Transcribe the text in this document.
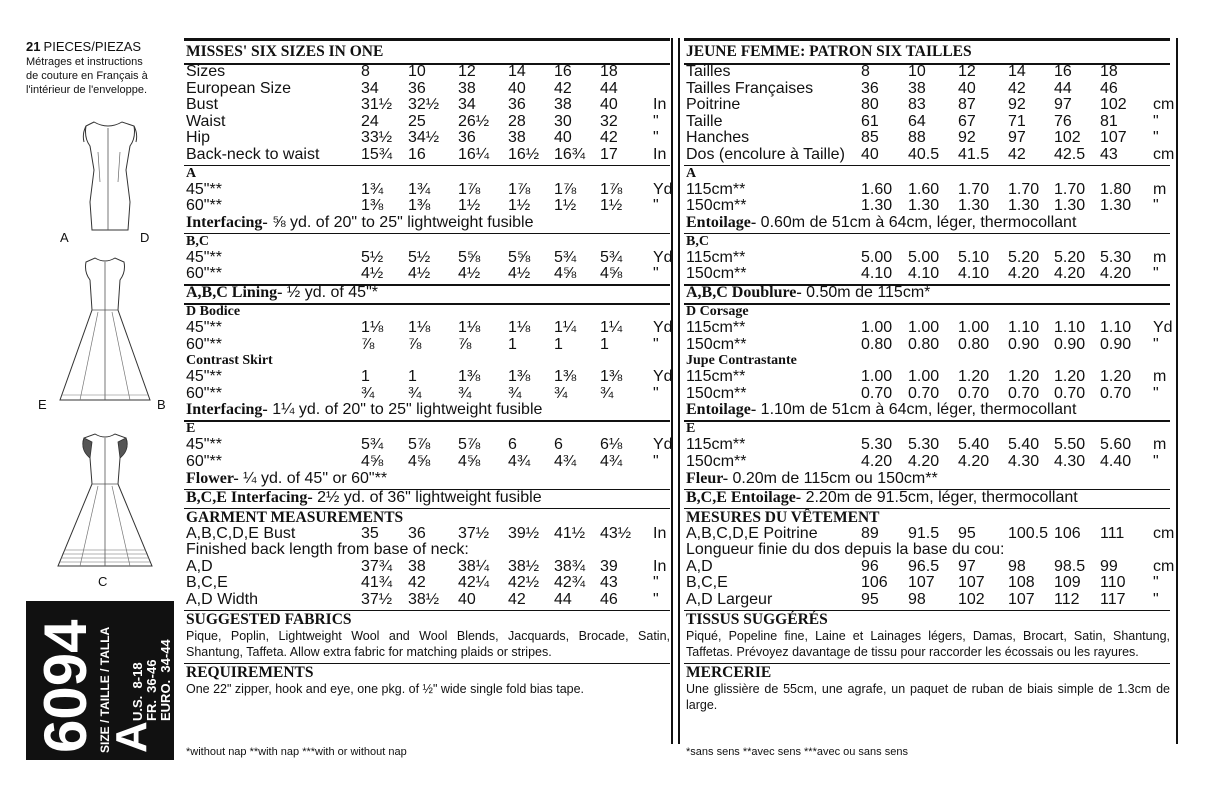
21 PIECES/PIEZAS
Métrages et instructions
de couture en Français à
l'intérieur de l'enveloppe.
A	D
E	B
C
6094 SIZE / TAILLE / TALLA
A
U.S.  8-18
FR.  36-46
EURO.  34-44
MISSES' SIX SIZES IN ONE
Sizes	8 10 12 14 16 18
European Size	34 36 38 40 42 44
Bust	31½ 32½ 34 36 38 40 In
Waist	24 25 26½ 28 30 32 "
Hip	33½ 34½ 36 38 40 42 "
Back-neck to waist	15¾ 16 16¼ 16½ 16¾ 17 In
A
45"**	1¾ 1¾ 1⅞ 1⅞ 1⅞ 1⅞ Yd
60"**	1⅜ 1⅜ 1½ 1½ 1½ 1½ "
Interfacing- ⅝ yd. of 20" to 25" lightweight fusible
B,C
45"**	5½ 5½ 5⅝ 5⅝ 5¾ 5¾ Yd
60"**	4½ 4½ 4½ 4½ 4⅝ 4⅝ "
A,B,C Lining- ½ yd. of 45"*
D Bodice
45"**	1⅛ 1⅛ 1⅛ 1⅛ 1¼ 1¼ Yd
60"**	⅞ ⅞ ⅞ 1 1 1	"
Contrast Skirt
45"**	1 1	1⅜ 1⅜ 1⅜ 1⅜ Yd
60"**	¾ ¾ ¾ ¾ ¾ ¾ "
Interfacing- 1¼ yd. of 20" to 25" lightweight fusible
E
45"**	5¾ 5⅞ 5⅞ 6 6 6⅛ Yd
60"**	4⅝ 4⅝ 4⅝ 4¾ 4¾ 4¾ "
Flower- ¼ yd. of 45" or 60"**
B,C,E Interfacing- 2½ yd. of 36" lightweight fusible
GARMENT MEASUREMENTS
A,B,C,D,E Bust	35 36 37½ 39½ 41½ 43½ In
Finished back length from base of neck:
A,D	37¾ 38 38¼ 38½ 38¾ 39 In
B,C,E	41¾ 42 42¼ 42½ 42¾ 43 "
A,D Width	37½ 38½ 40 42 44 46 "
SUGGESTED FABRICS
Pique, Poplin, Lightweight Wool and Wool Blends, Jacquards, Brocade, Satin, Shantung, Taffeta. Allow extra fabric for matching plaids or stripes.
REQUIREMENTS
One 22" zipper, hook and eye, one pkg. of ½" wide single fold bias tape.
JEUNE FEMME: PATRON SIX TAILLES
Tailles	8 10 12 14 16 18
Tailles Françaises	36 38 40 42 44 46
Poitrine	80 83 87 92 97 102 cm
Taille	61 64 67 71 76 81 "
Hanches	85 88 92 97 102 107 "
Dos (encolure à Taille) 40 40.5 41.5 42 42.5 43 cm
A
115cm**	1.60 1.60 1.70 1.70 1.70 1.80 m
150cm**	1.30 1.30 1.30 1.30 1.30 1.30 "
Entoilage- 0.60m de 51cm à 64cm, léger, thermocollant
B,C
115cm**	5.00 5.00 5.10 5.20 5.20 5.30 m
150cm**	4.10 4.10 4.10 4.20 4.20 4.20 "
A,B,C Doublure- 0.50m de 115cm*
D Corsage
115cm**	1.00 1.00 1.00 1.10 1.10 1.10 Yd
150cm**	0.80 0.80 0.80 0.90 0.90 0.90 "
Jupe Contrastante
115cm**	1.00 1.00 1.20 1.20 1.20 1.20 m
150cm**	0.70 0.70 0.70 0.70 0.70 0.70 "
Entoilage- 1.10m de 51cm à 64cm, léger, thermocollant
E
115cm**	5.30 5.30 5.40 5.40 5.50 5.60 m
150cm**	4.20 4.20 4.20 4.30 4.30 4.40 "
Fleur- 0.20m de 115cm ou 150cm**
B,C,E Entoilage- 2.20m de 91.5cm, léger, thermocollant
MESURES DU VÊTEMENT
A,B,C,D,E Poitrine	89 91.5 95 100.5 106 111 cm
Longueur finie du dos depuis la base du cou:
A,D	96 96.5 97 98 98.5 99 cm
B,C,E	106 107 107 108 109 110 "
A,D Largeur	95 98 102 107 112 117 "
TISSUS SUGGÉRÉS
Piqué, Popeline fine, Laine et Lainages légers, Damas, Brocart, Satin, Shantung, Taffetas. Prévoyez davantage de tissu pour raccorder les écossais ou les rayures.
MERCERIE
Une glissière de 55cm, une agrafe, un paquet de ruban de biais simple de 1.3cm de large.
*without nap **with nap ***with or without nap	*sans sens **avec sens ***avec ou sans sens
